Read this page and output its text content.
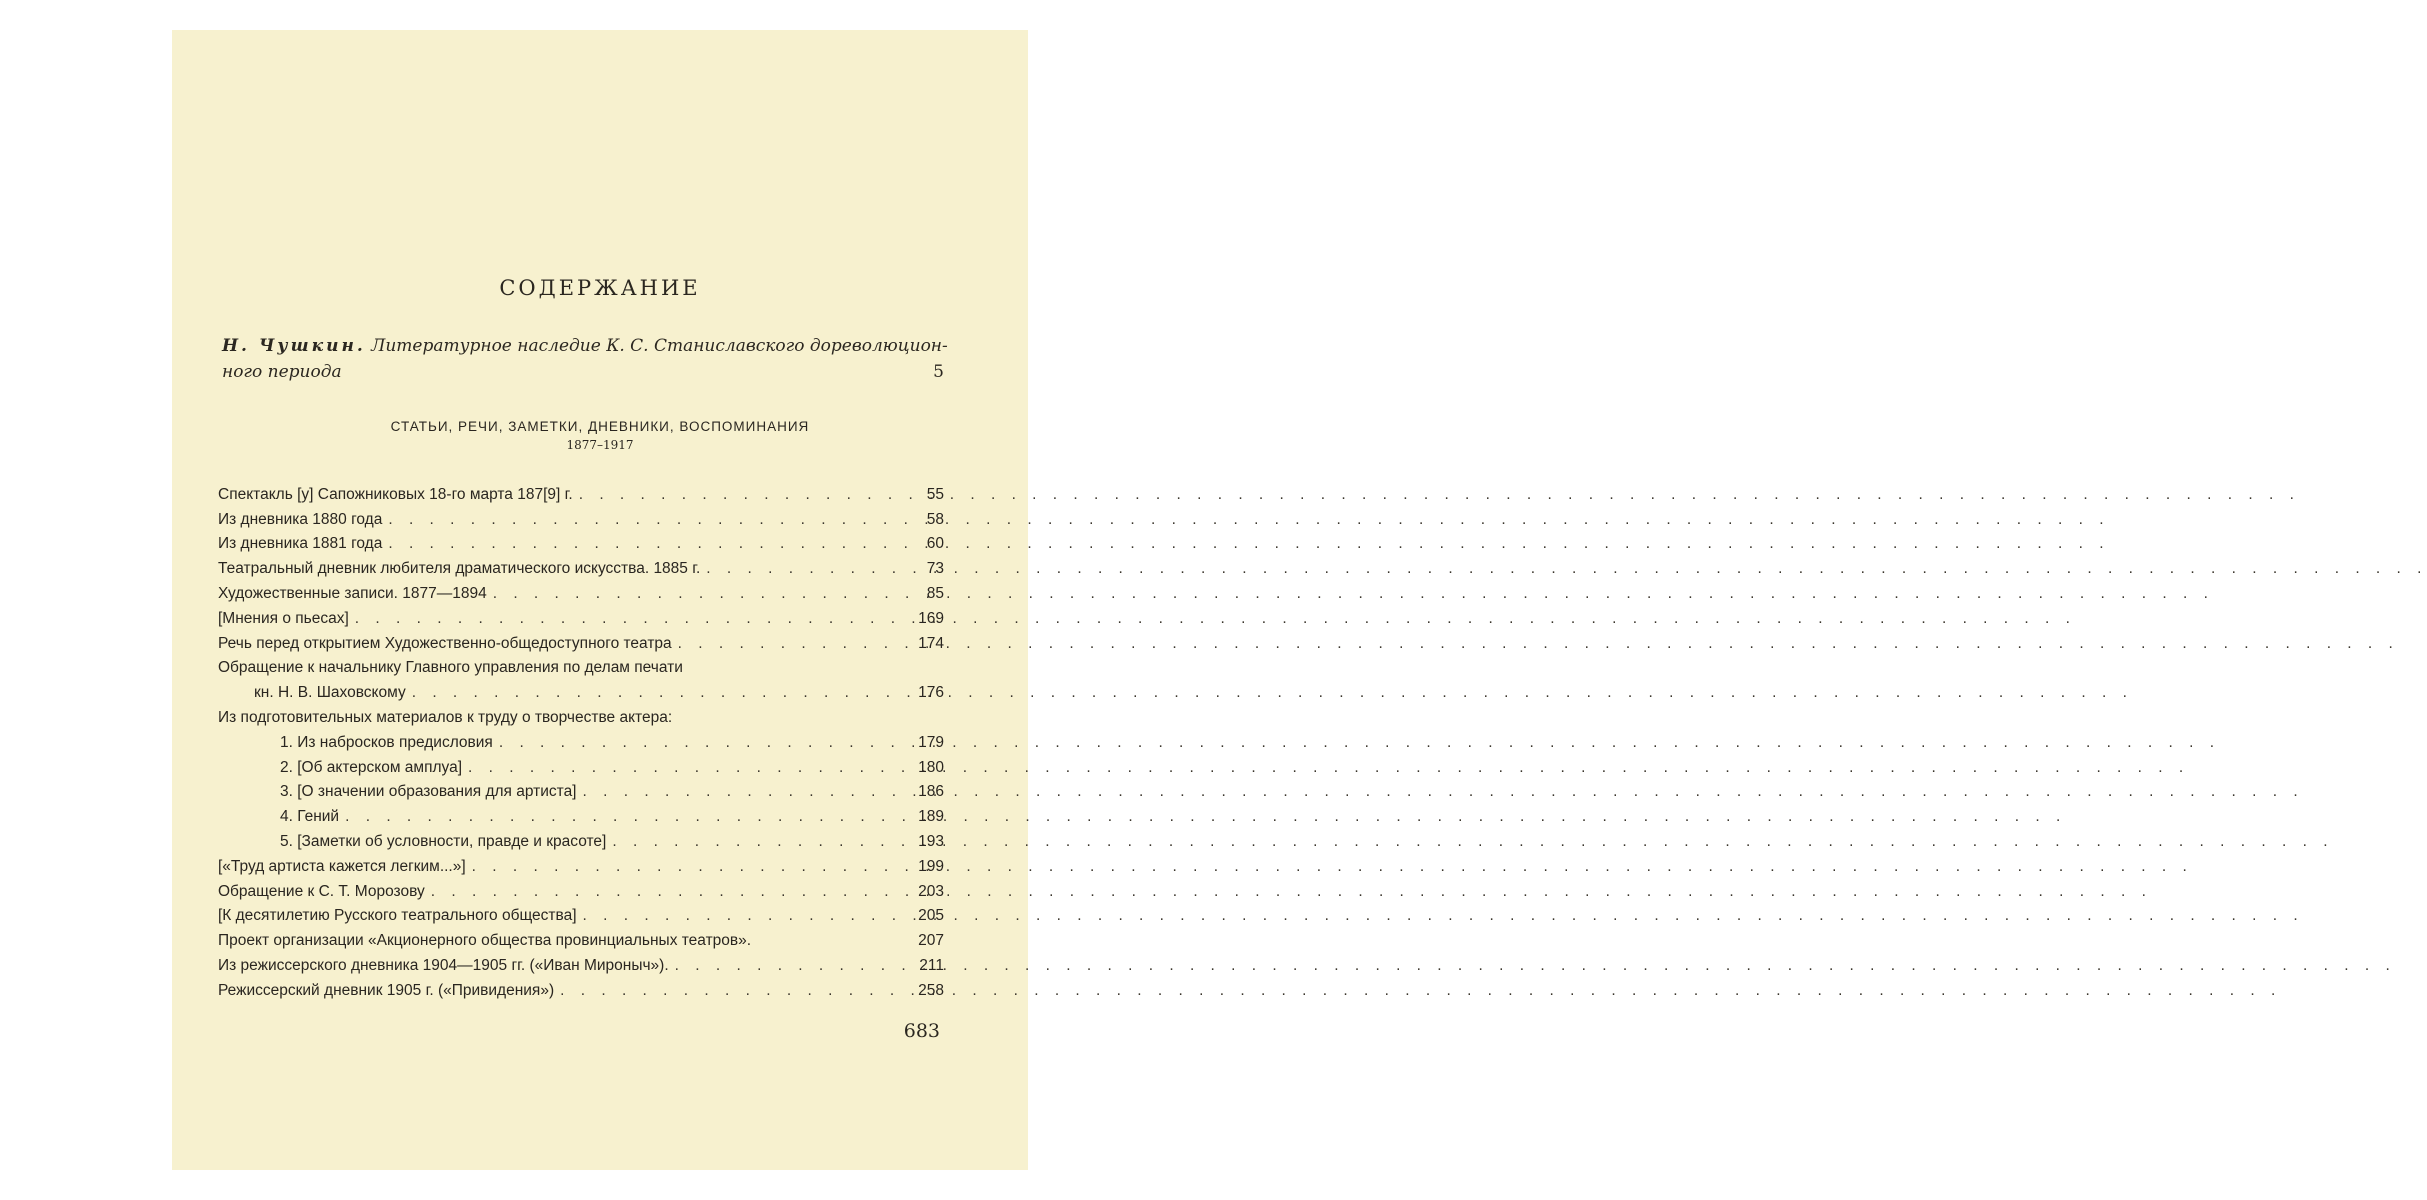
СОДЕРЖАНИЕ
Н. Чушкин. Литературное наследие К. С. Станиславского дореволюцион-
ного периода	5
СТАТЬИ, РЕЧИ, ЗАМЕТКИ, ДНЕВНИКИ, ВОСПОМИНАНИЯ
1877–1917
Спектакль [у] Сапожниковых 18-го марта 187[9] г. . . .	55
Из дневника 1880 года . . .	58
Из дневника 1881 года . . .	60
Театральный дневник любителя драматического искусства. 1885 г. . . .	73
Художественные записи. 1877—1894 . . .	85
[Мнения о пьесах] . . .	169
Речь перед открытием Художественно-общедоступного театра . . .	174
Обращение к начальнику Главного управления по делам печати
кн. Н. В. Шаховскому . . .	176
Из подготовительных материалов к труду о творчестве актера:
1. Из набросков предисловия . . .	179
2. [Об актерском амплуа] . . .	180
3. [О значении образования для артиста] . . .	186
4. Гений . . .	189
5. [Заметки об условности, правде и красоте] . . .	193
[«Труд артиста кажется легким...»] . . .	199
Обращение к С. Т. Морозову . . .	203
[К десятилетию Русского театрального общества] . . .	205
Проект организации «Акционерного общества провинциальных театров».	207
Из режиссерского дневника 1904—1905 гг. («Иван Мироныч»). . . .	211
Режиссерский дневник 1905 г. («Привидения») . . .	258
683
